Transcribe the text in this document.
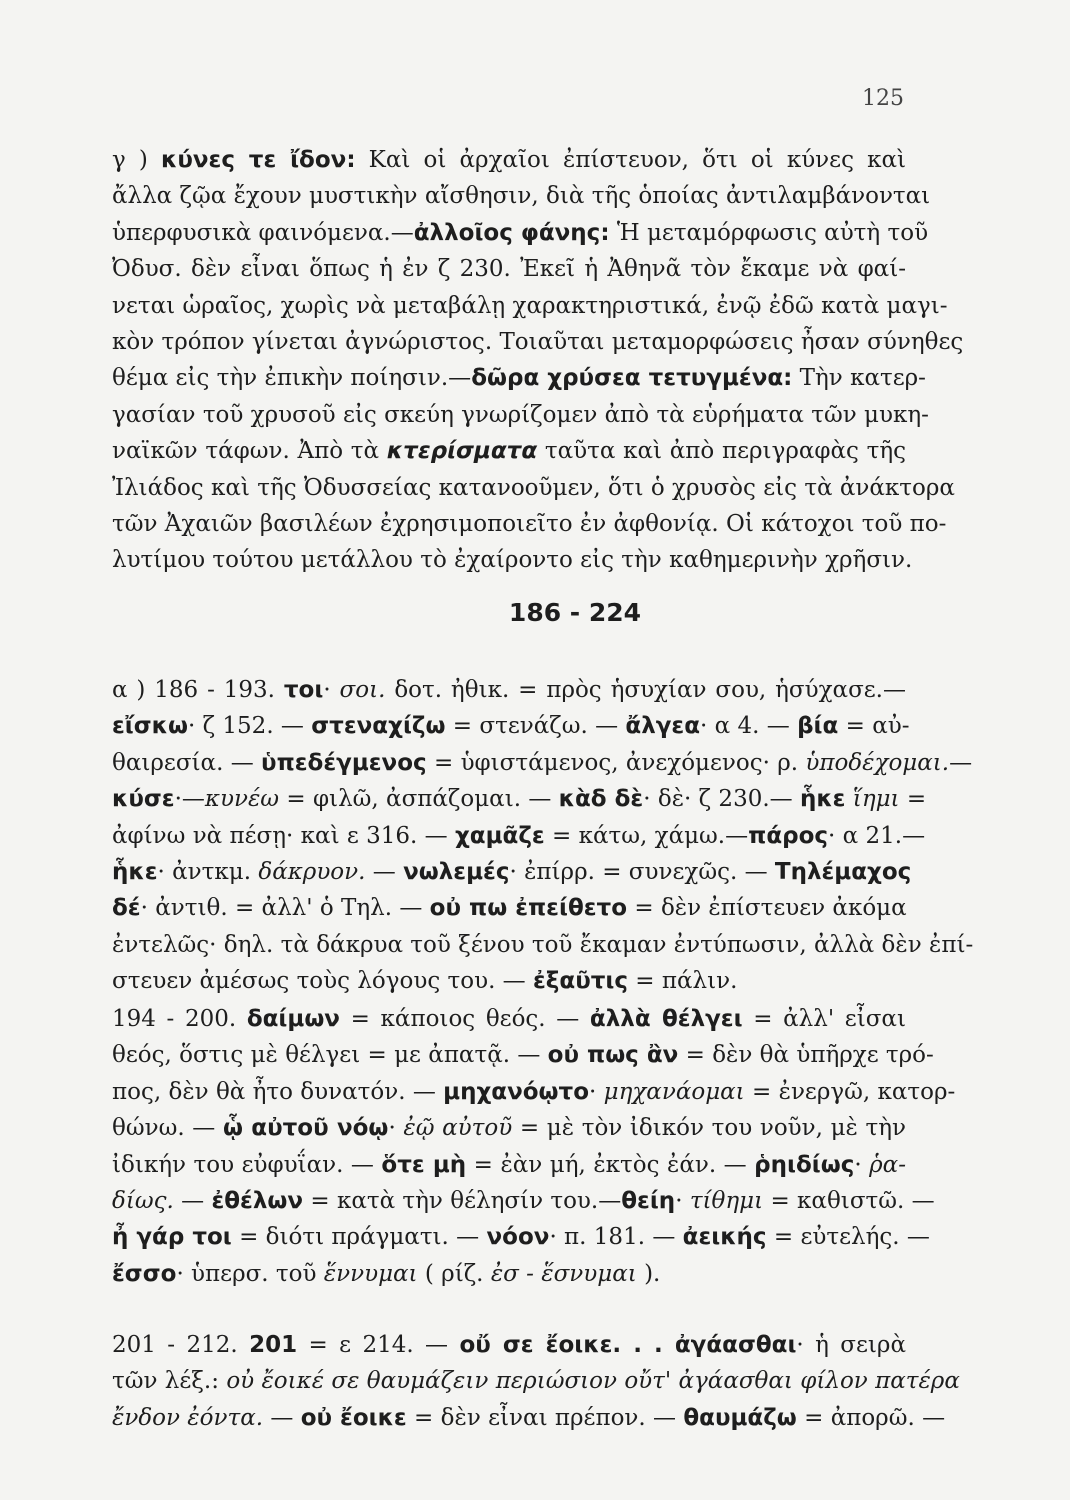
125
γ ) κύνες τε ἴδον: Καὶ οἱ ἀρχαῖοι ἐπίστευον, ὅτι οἱ κύνες καὶ
ἄλλα ζῷα ἔχουν μυστικὴν αἴσθησιν, διὰ τῆς ὁποίας ἀντιλαμβάνονται
ὑπερφυσικὰ φαινόμενα.—ἀλλοῖος φάνης: Ἡ μεταμόρφωσις αὐτὴ τοῦ
Ὀδυσ. δὲν εἶναι ὅπως ἡ ἐν ζ 230. Ἐκεῖ ἡ Ἀθηνᾶ τὸν ἔκαμε νὰ φαί-
νεται ὡραῖος, χωρὶς νὰ μεταβάλῃ χαρακτηριστικά, ἐνῷ ἐδῶ κατὰ μαγι-
κὸν τρόπον γίνεται ἀγνώριστος. Τοιαῦται μεταμορφώσεις ἦσαν σύνηθες
θέμα εἰς τὴν ἐπικὴν ποίησιν.—δῶρα χρύσεα τετυγμένα: Τὴν κατερ-
γασίαν τοῦ χρυσοῦ εἰς σκεύη γνωρίζομεν ἀπὸ τὰ εὑρήματα τῶν μυκη-
ναϊκῶν τάφων. Ἀπὸ τὰ κτερίσματα ταῦτα καὶ ἀπὸ περιγραφὰς τῆς
Ἰλιάδος καὶ τῆς Ὀδυσσείας κατανοοῦμεν, ὅτι ὁ χρυσὸς εἰς τὰ ἀνάκτορα
τῶν Ἀχαιῶν βασιλέων ἐχρησιμοποιεῖτο ἐν ἀφθονίᾳ. Οἱ κάτοχοι τοῦ πο-
λυτίμου τούτου μετάλλου τὸ ἐχαίροντο εἰς τὴν καθημερινὴν χρῆσιν.
186 - 224
α ) 186 - 193. τοι· σοι. δοτ. ἠθικ. = πρὸς ἡσυχίαν σου, ἡσύχασε.—
εἴσκω· ζ 152. — στεναχίζω = στενάζω. — ἄλγεα· α 4. — βία = αὐ-
θαιρεσία. — ὑπεδέγμενος = ὑφιστάμενος, ἀνεχόμενος· ρ. ὑποδέχομαι.—
κύσε·—κυνέω = φιλῶ, ἀσπάζομαι. — κὰδ δὲ· δὲ· ζ 230.— ἧκε ἵημι =
ἀφίνω νὰ πέσῃ· καὶ ε 316. — χαμᾶζε = κάτω, χάμω.—πάρος· α 21.—
ἧκε· ἀντκμ. δάκρυον. — νωλεμές· ἐπίρρ. = συνεχῶς. — Τηλέμαχος
δέ· ἀντιθ. = ἀλλ' ὁ Τηλ. — οὐ πω ἐπείθετο = δὲν ἐπίστευεν ἀκόμα
ἐντελῶς· δηλ. τὰ δάκρυα τοῦ ξένου τοῦ ἔκαμαν ἐντύπωσιν, ἀλλὰ δὲν ἐπί-
στευεν ἀμέσως τοὺς λόγους του. — ἐξαῦτις = πάλιν.
194 - 200. δαίμων = κάποιος θεός. — ἀλλὰ θέλγει = ἀλλ' εἶσαι
θεός, ὅστις μὲ θέλγει = με ἀπατᾷ. — οὐ πως ἂν = δὲν θὰ ὑπῆρχε τρό-
πος, δὲν θὰ ἦτο δυνατόν. — μηχανόῳτο· μηχανάομαι = ἐνεργῶ, κατορ-
θώνω. — ᾧ αὐτοῦ νόῳ· ἐῷ αὐτοῦ = μὲ τὸν ἰδικόν του νοῦν, μὲ τὴν
ἰδικήν του εὐφυΐαν. — ὅτε μὴ = ἐὰν μή, ἐκτὸς ἐάν. — ῥηιδίως· ῥα-
δίως. — ἐθέλων = κατὰ τὴν θέλησίν του.—θείη· τίθημι = καθιστῶ. —
ἦ γάρ τοι = διότι πράγματι. — νόον· π. 181. — ἀεικής = εὐτελής. —
ἔσσο· ὑπερσ. τοῦ ἕννυμαι ( ρίζ. ἐσ - ἕσνυμαι ).
201 - 212. 201 = ε 214. — οὔ σε ἔοικε. . . ἀγάασθαι· ἡ σειρὰ
τῶν λέξ.: οὐ ἔοικέ σε θαυμάζειν περιώσιον οὔτ' ἀγάασθαι φίλον πατέρα
ἔνδον ἐόντα. — οὐ ἔοικε = δὲν εἶναι πρέπον. — θαυμάζω = ἀπορῶ. —
